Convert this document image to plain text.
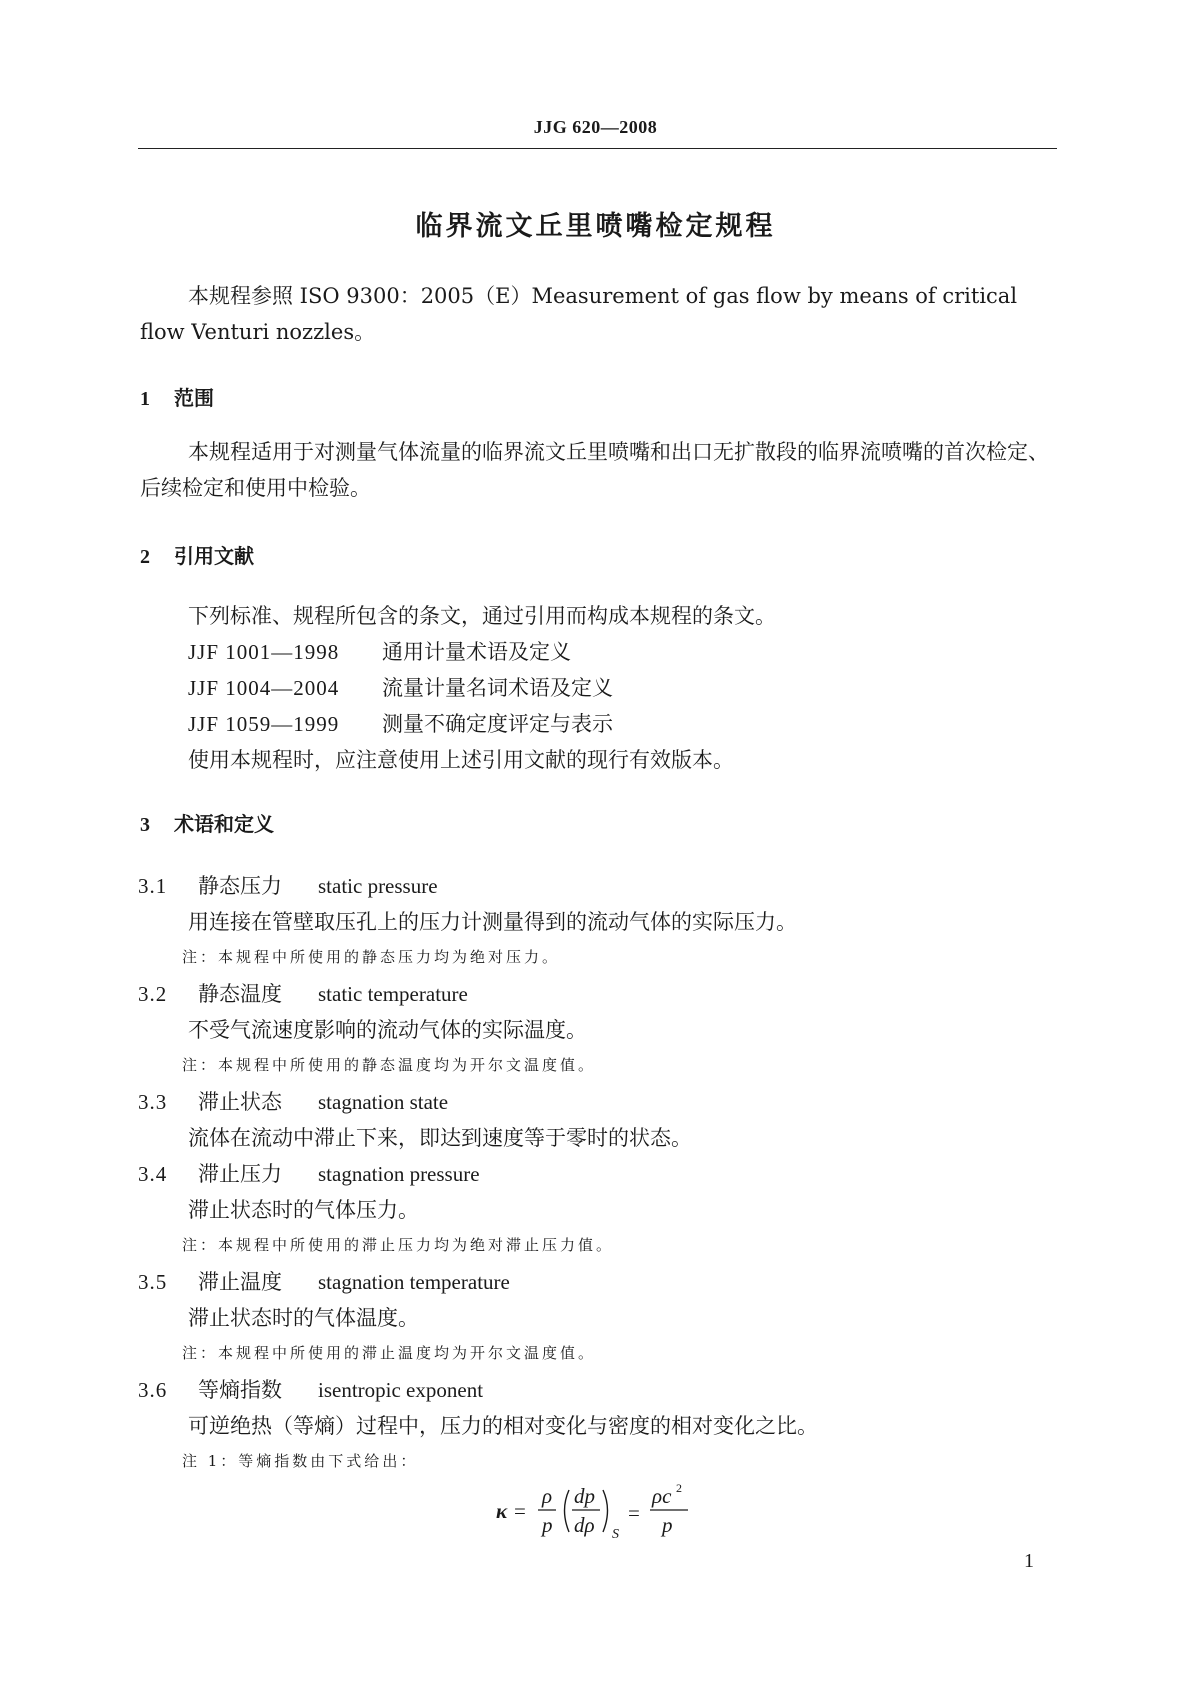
JJG 620—2008
临界流文丘里喷嘴检定规程
本规程参照 ISO 9300：2005（E）Measurement of gas flow by means of critical flow Venturi nozzles。
1 范围
本规程适用于对测量气体流量的临界流文丘里喷嘴和出口无扩散段的临界流喷嘴的首次检定、后续检定和使用中检验。
2 引用文献
下列标准、规程所包含的条文，通过引用而构成本规程的条文。
JJF 1001—1998 通用计量术语及定义
JJF 1004—2004 流量计量名词术语及定义
JJF 1059—1999 测量不确定度评定与表示
使用本规程时，应注意使用上述引用文献的现行有效版本。
3 术语和定义
3.1 静态压力 static pressure
用连接在管壁取压孔上的压力计测量得到的流动气体的实际压力。
注：本规程中所使用的静态压力均为绝对压力。
3.2 静态温度 static temperature
不受气流速度影响的流动气体的实际温度。
注：本规程中所使用的静态温度均为开尔文温度值。
3.3 滞止状态 stagnation state
流体在流动中滞止下来，即达到速度等于零时的状态。
3.4 滞止压力 stagnation pressure
滞止状态时的气体压力。
注：本规程中所使用的滞止压力均为绝对滞止压力值。
3.5 滞止温度 stagnation temperature
滞止状态时的气体温度。
注：本规程中所使用的滞止温度均为开尔文温度值。
3.6 等熵指数 isentropic exponent
可逆绝热（等熵）过程中，压力的相对变化与密度的相对变化之比。
注 1：等熵指数由下式给出：
κ =
ρ
p
dp
dρ S
=
ρc 2
p
1
